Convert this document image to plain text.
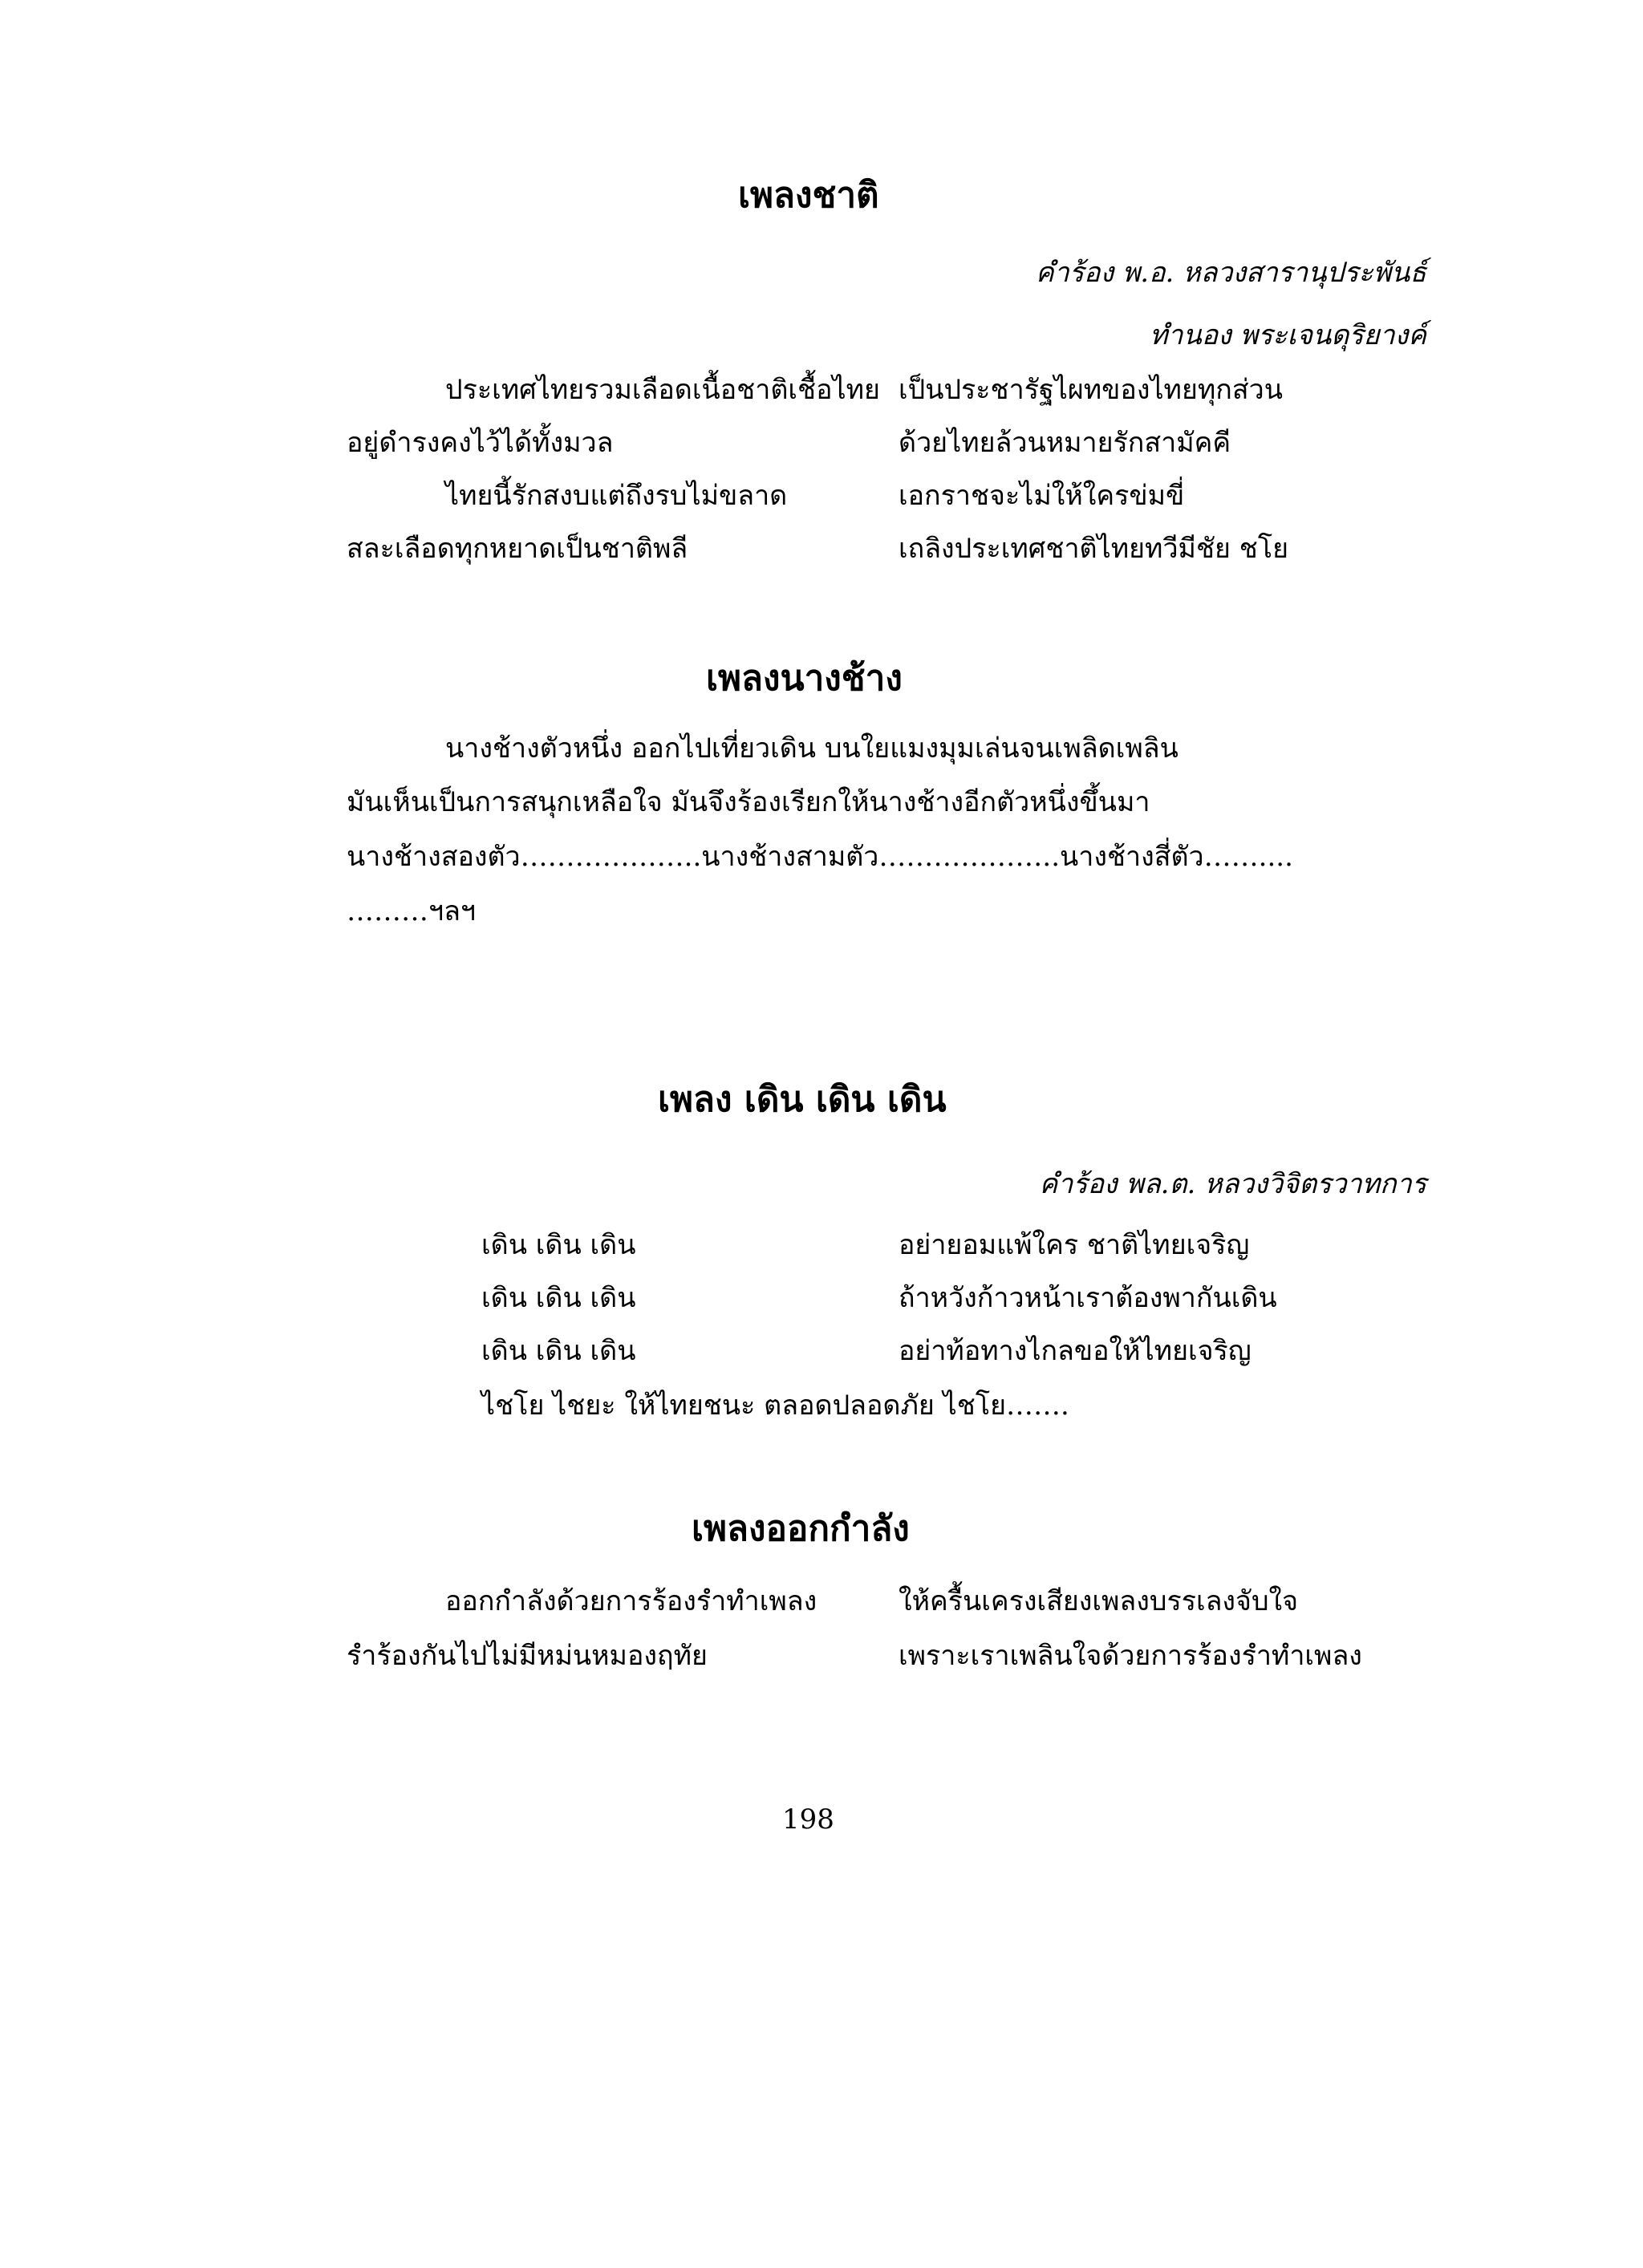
เพลงชาติ
คำร้อง พ.อ. หลวงสารานุประพันธ์
ทำนอง พระเจนดุริยางค์
ประเทศไทยรวมเลือดเนื้อชาติเชื้อไทย เป็นประชารัฐไผทของไทยทุกส่วน
อยู่ดำรงคงไว้ได้ทั้งมวล	ด้วยไทยล้วนหมายรักสามัคคี
ไทยนี้รักสงบแต่ถึงรบไม่ขลาด	เอกราชจะไม่ให้ใครข่มขี่
สละเลือดทุกหยาดเป็นชาติพลี	เถลิงประเทศชาติไทยทวีมีชัย ชโย
เพลงนางช้าง
นางช้างตัวหนึ่ง ออกไปเที่ยวเดิน บนใยแมงมุมเล่นจนเพลิดเพลิน
มันเห็นเป็นการสนุกเหลือใจ มันจึงร้องเรียกให้นางช้างอีกตัวหนึ่งขึ้นมา
นางช้างสองตัว………………..นางช้างสามตัว………………..นางช้างสี่ตัว……....
………ฯลฯ
เพลง เดิน เดิน เดิน
คำร้อง พล.ต. หลวงวิจิตรวาทการ
เดิน เดิน เดิน	อย่ายอมแพ้ใคร ชาติไทยเจริญ
เดิน เดิน เดิน	ถ้าหวังก้าวหน้าเราต้องพากันเดิน
เดิน เดิน เดิน	อย่าท้อทางไกลขอให้ไทยเจริญ
ไชโย ไชยะ ให้ไทยชนะ ตลอดปลอดภัย ไชโย…….
เพลงออกกำลัง
ออกกำลังด้วยการร้องรำทำเพลง	ให้ครื้นเครงเสียงเพลงบรรเลงจับใจ
รำร้องกันไปไม่มีหม่นหมองฤทัย	เพราะเราเพลินใจด้วยการร้องรำทำเพลง
198
